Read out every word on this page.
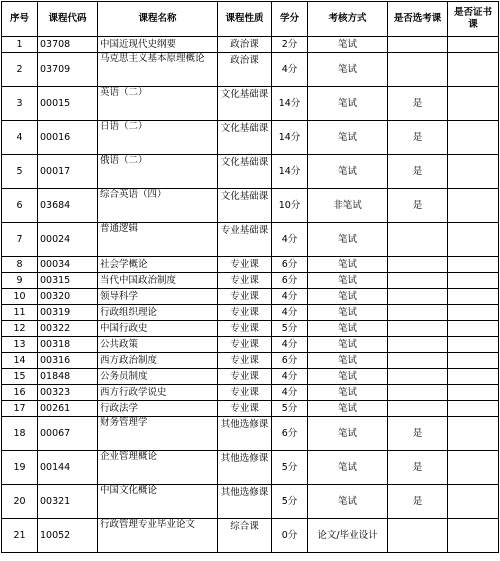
序号	课程代码	课程名称	课程性质	学分	考核方式	是否选考课	是否证书课
1	03708	中国近现代史纲要	政治课	2分	笔试		
2	03709	马克思主义基本原理概论	政治课	4分	笔试		
3	00015	英语（二）	文化基础课	14分	笔试	是	
4	00016	日语（二）	文化基础课	14分	笔试	是	
5	00017	俄语（二）	文化基础课	14分	笔试	是	
6	03684	综合英语（四）	文化基础课	10分	非笔试	是	
7	00024	普通逻辑	专业基础课	4分	笔试		
8	00034	社会学概论	专业课	6分	笔试		
9	00315	当代中国政治制度	专业课	6分	笔试		
10	00320	领导科学	专业课	4分	笔试		
11	00319	行政组织理论	专业课	4分	笔试		
12	00322	中国行政史	专业课	5分	笔试		
13	00318	公共政策	专业课	4分	笔试		
14	00316	西方政治制度	专业课	6分	笔试		
15	01848	公务员制度	专业课	4分	笔试		
16	00323	西方行政学说史	专业课	4分	笔试		
17	00261	行政法学	专业课	5分	笔试		
18	00067	财务管理学	其他选修课	6分	笔试	是	
19	00144	企业管理概论	其他选修课	5分	笔试	是	
20	00321	中国文化概论	其他选修课	5分	笔试	是	
21	10052	行政管理专业毕业论文	综合课	0分	论文/毕业设计		
